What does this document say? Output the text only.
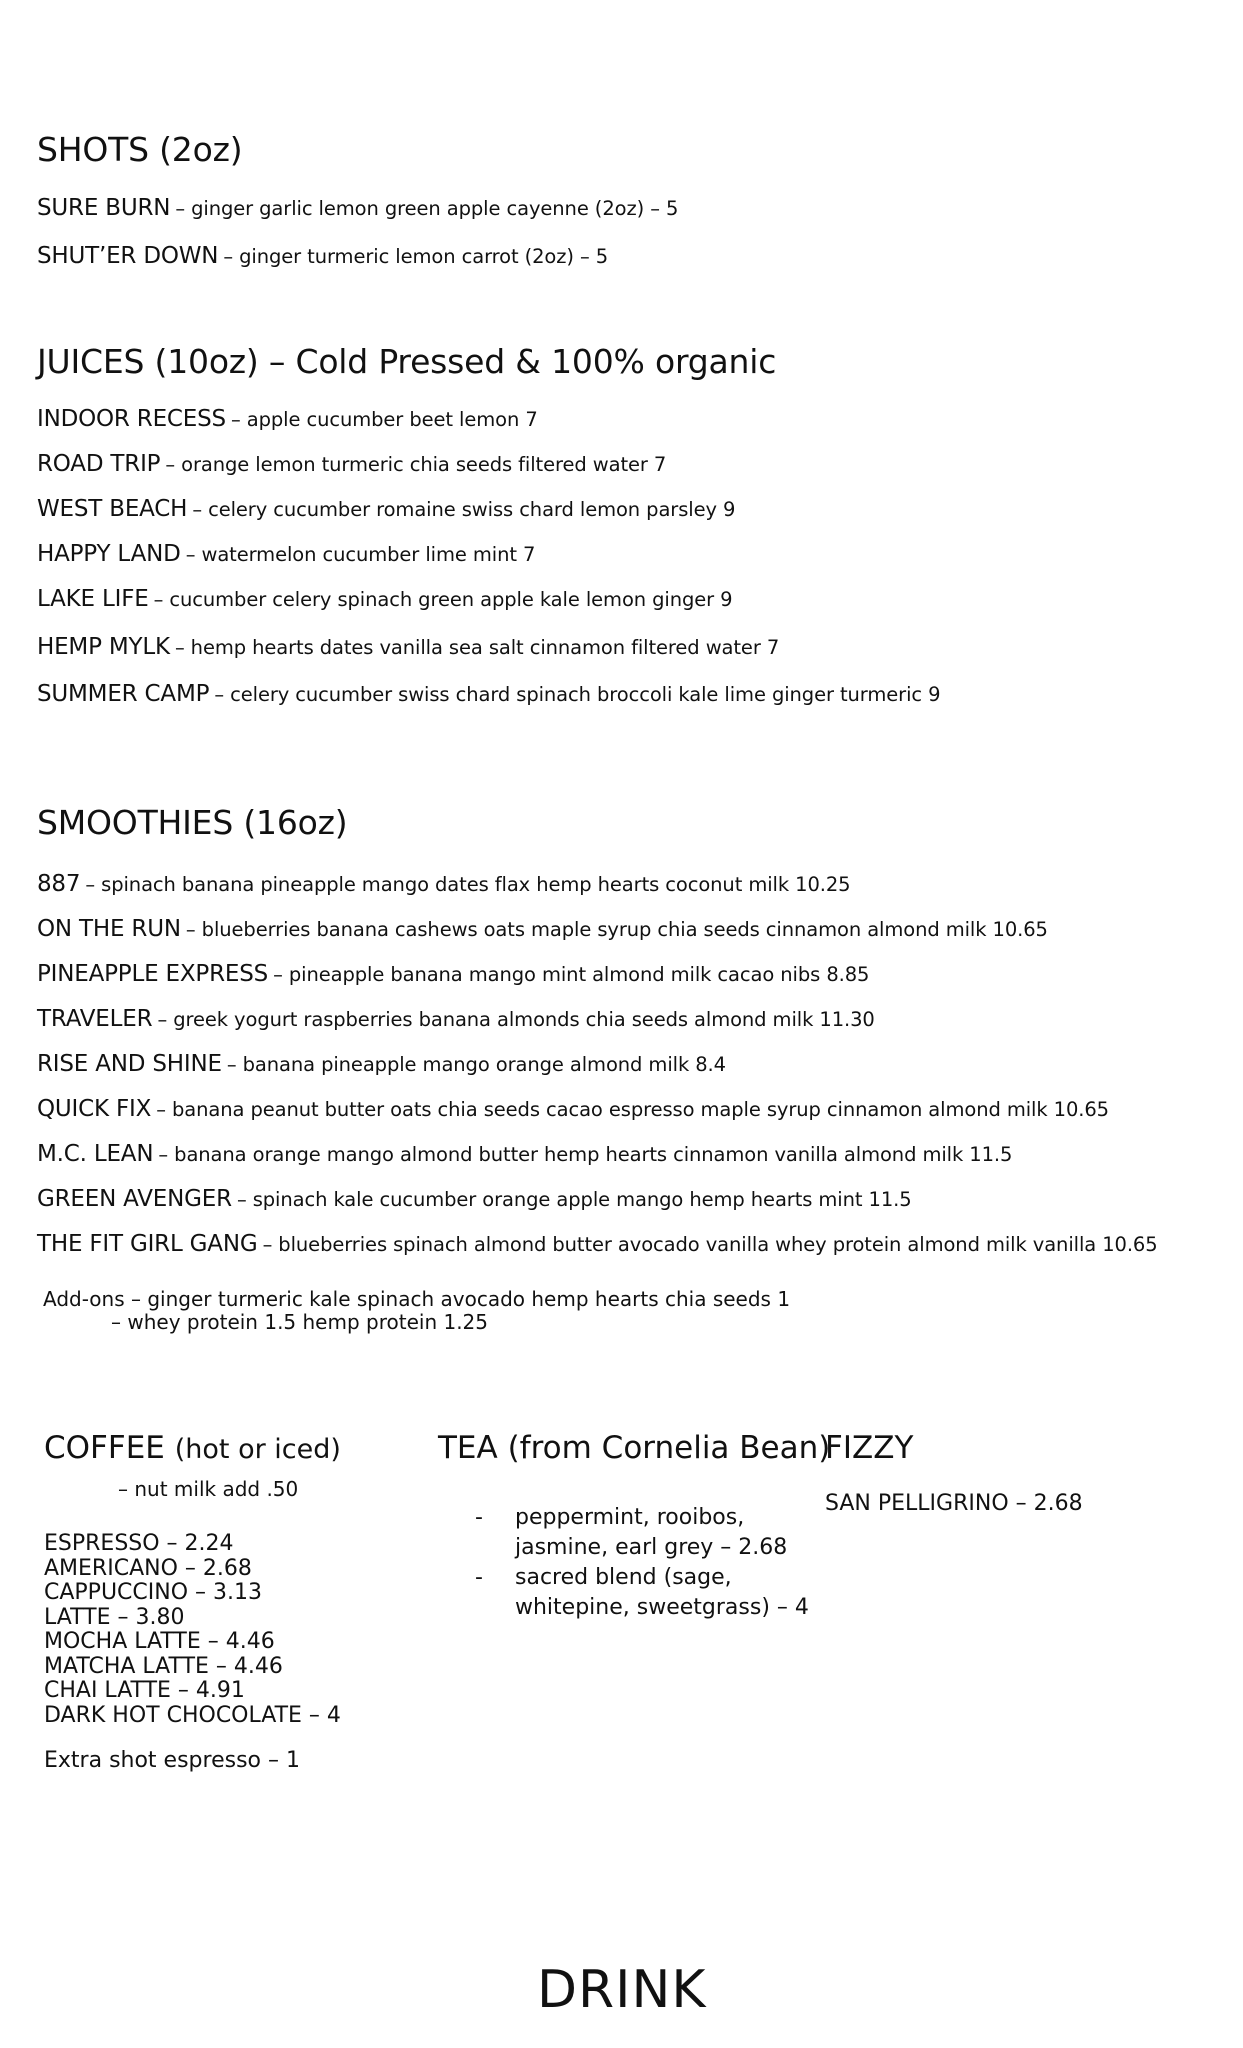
SHOTS (2oz)
SURE BURN – ginger garlic lemon green apple cayenne (2oz) – 5
SHUT’ER DOWN – ginger turmeric lemon carrot (2oz) – 5
JUICES (10oz) – Cold Pressed & 100% organic
INDOOR RECESS – apple cucumber beet lemon 7
ROAD TRIP – orange lemon turmeric chia seeds filtered water 7
WEST BEACH – celery cucumber romaine swiss chard lemon parsley 9
HAPPY LAND – watermelon cucumber lime mint 7
LAKE LIFE – cucumber celery spinach green apple kale lemon ginger 9
HEMP MYLK – hemp hearts dates vanilla sea salt cinnamon filtered water 7
SUMMER CAMP – celery cucumber swiss chard spinach broccoli kale lime ginger turmeric 9
SMOOTHIES (16oz)
887 – spinach banana pineapple mango dates flax hemp hearts coconut milk 10.25
ON THE RUN – blueberries banana cashews oats maple syrup chia seeds cinnamon almond milk 10.65
PINEAPPLE EXPRESS – pineapple banana mango mint almond milk cacao nibs 8.85
TRAVELER – greek yogurt raspberries banana almonds chia seeds almond milk 11.30
RISE AND SHINE – banana pineapple mango orange almond milk 8.4
QUICK FIX – banana peanut butter oats chia seeds cacao espresso maple syrup cinnamon almond milk 10.65
M.C. LEAN – banana orange mango almond butter hemp hearts cinnamon vanilla almond milk 11.5
GREEN AVENGER – spinach kale cucumber orange apple mango hemp hearts mint 11.5
THE FIT GIRL GANG – blueberries spinach almond butter avocado vanilla whey protein almond milk vanilla 10.65
Add-ons – ginger turmeric kale spinach avocado hemp hearts chia seeds 1
– whey protein 1.5 hemp protein 1.25
COFFEE (hot or iced)
– nut milk add .50
ESPRESSO – 2.24
AMERICANO – 2.68
CAPPUCCINO – 3.13
LATTE – 3.80
MOCHA LATTE – 4.46
MATCHA LATTE – 4.46
CHAI LATTE – 4.91
DARK HOT CHOCOLATE – 4
Extra shot espresso – 1
TEA (from Cornelia Bean)
- peppermint, rooibos,
jasmine, earl grey – 2.68
- sacred blend (sage,
whitepine, sweetgrass) – 4
FIZZY
SAN PELLIGRINO – 2.68
DRINK
